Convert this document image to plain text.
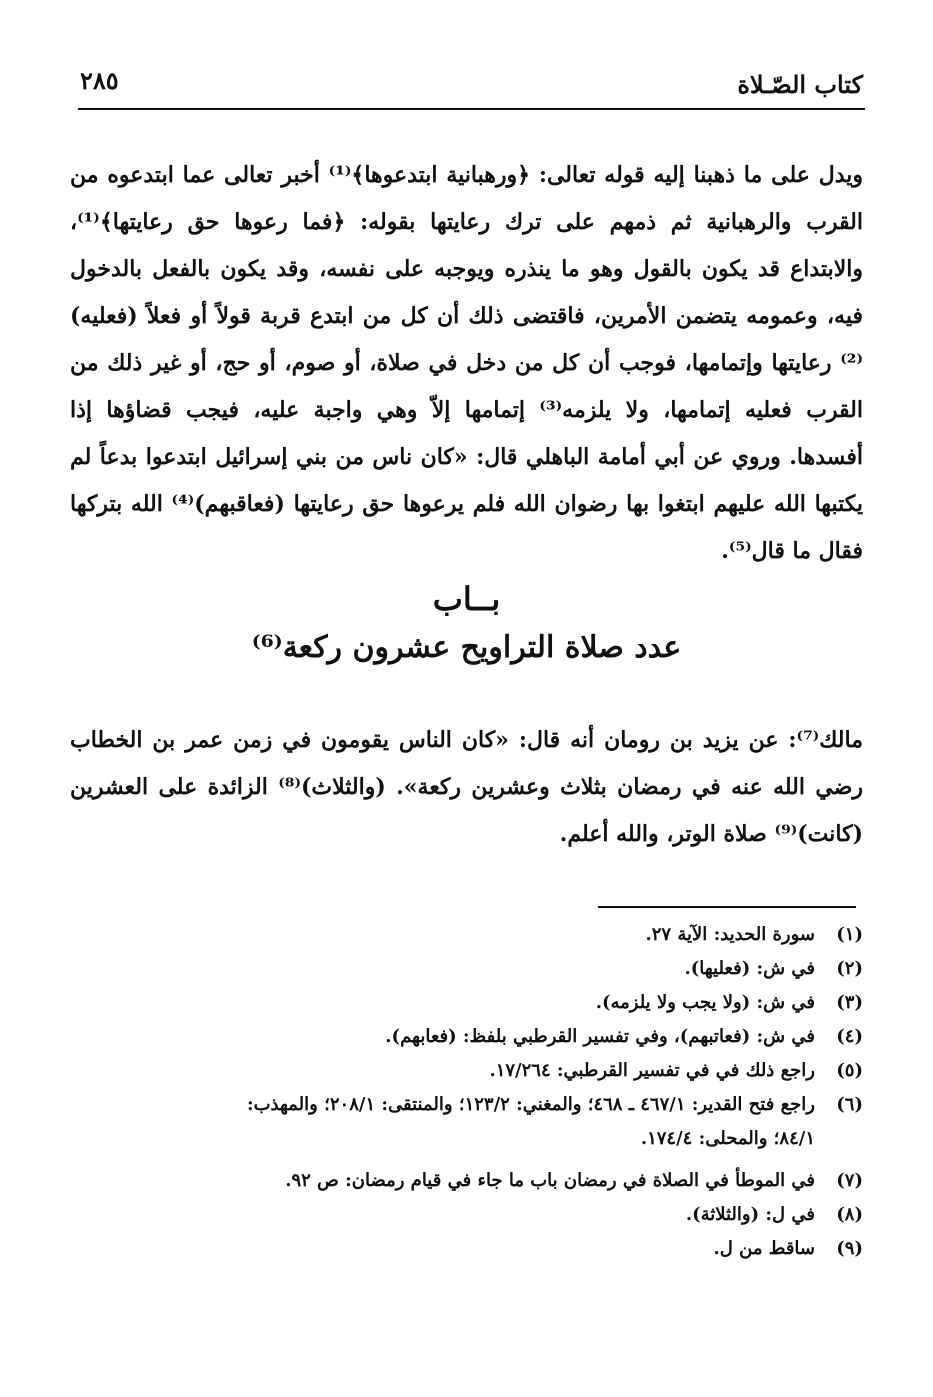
كتاب الصّـلاة
٢٨٥

ويدل على ما ذهبنا إليه قوله تعالى: ﴿ورهبانية ابتدعوها﴾⁽¹⁾ أخبر تعالى عما ابتدعوه من القرب والرهبانية ثم ذمهم على ترك رعايتها بقوله: ﴿فما رعوها حق رعايتها﴾⁽¹⁾، والابتداع قد يكون بالقول وهو ما ينذره ويوجبه على نفسه، وقد يكون بالفعل بالدخول فيه، وعمومه يتضمن الأمرين، فاقتضى ذلك أن كل من ابتدع قربة قولاً أو فعلاً (فعليه)⁽²⁾ رعايتها وإتمامها، فوجب أن كل من دخل في صلاة، أو صوم، أو حج، أو غير ذلك من القرب فعليه إتمامها، ولا يلزمه⁽³⁾ إتمامها إلاّ وهي واجبة عليه، فيجب قضاؤها إذا أفسدها. وروي عن أبي أمامة الباهلي قال: «كان ناس من بني إسرائيل ابتدعوا بدعاً لم يكتبها الله عليهم ابتغوا بها رضوان الله فلم يرعوها حق رعايتها (فعاقبهم)⁽⁴⁾ الله بتركها فقال ما قال⁽⁵⁾.

بــاب
عدد صلاة التراويح عشرون ركعة⁽⁶⁾

مالك⁽⁷⁾: عن يزيد بن رومان أنه قال: «كان الناس يقومون في زمن عمر بن الخطاب رضي الله عنه في رمضان بثلاث وعشرين ركعة». (والثلاث)⁽⁸⁾ الزائدة على العشرين (كانت)⁽⁹⁾ صلاة الوتر، والله أعلم.

(١)
سورة الحديد: الآية ٢٧.
(٢)
في ش: (فعليها).
(٣)
في ش: (ولا يجب ولا يلزمه).
(٤)
في ش: (فعاتبهم)، وفي تفسير القرطبي بلفظ: (فعابهم).
(٥)
راجع ذلك في في تفسير القرطبي: ١٧/٢٦٤.
(٦)
راجع فتح القدير: ٤٦٧/١ ـ ٤٦٨؛ والمغني: ١٢٣/٢؛ والمنتقى: ٢٠٨/١؛ والمهذب:
٨٤/١؛ والمحلى: ١٧٤/٤.
(٧)
في الموطأ في الصلاة في رمضان باب ما جاء في قيام رمضان: ص ٩٢.
(٨)
في ل: (والثلاثة).
(٩)
ساقط من ل.
